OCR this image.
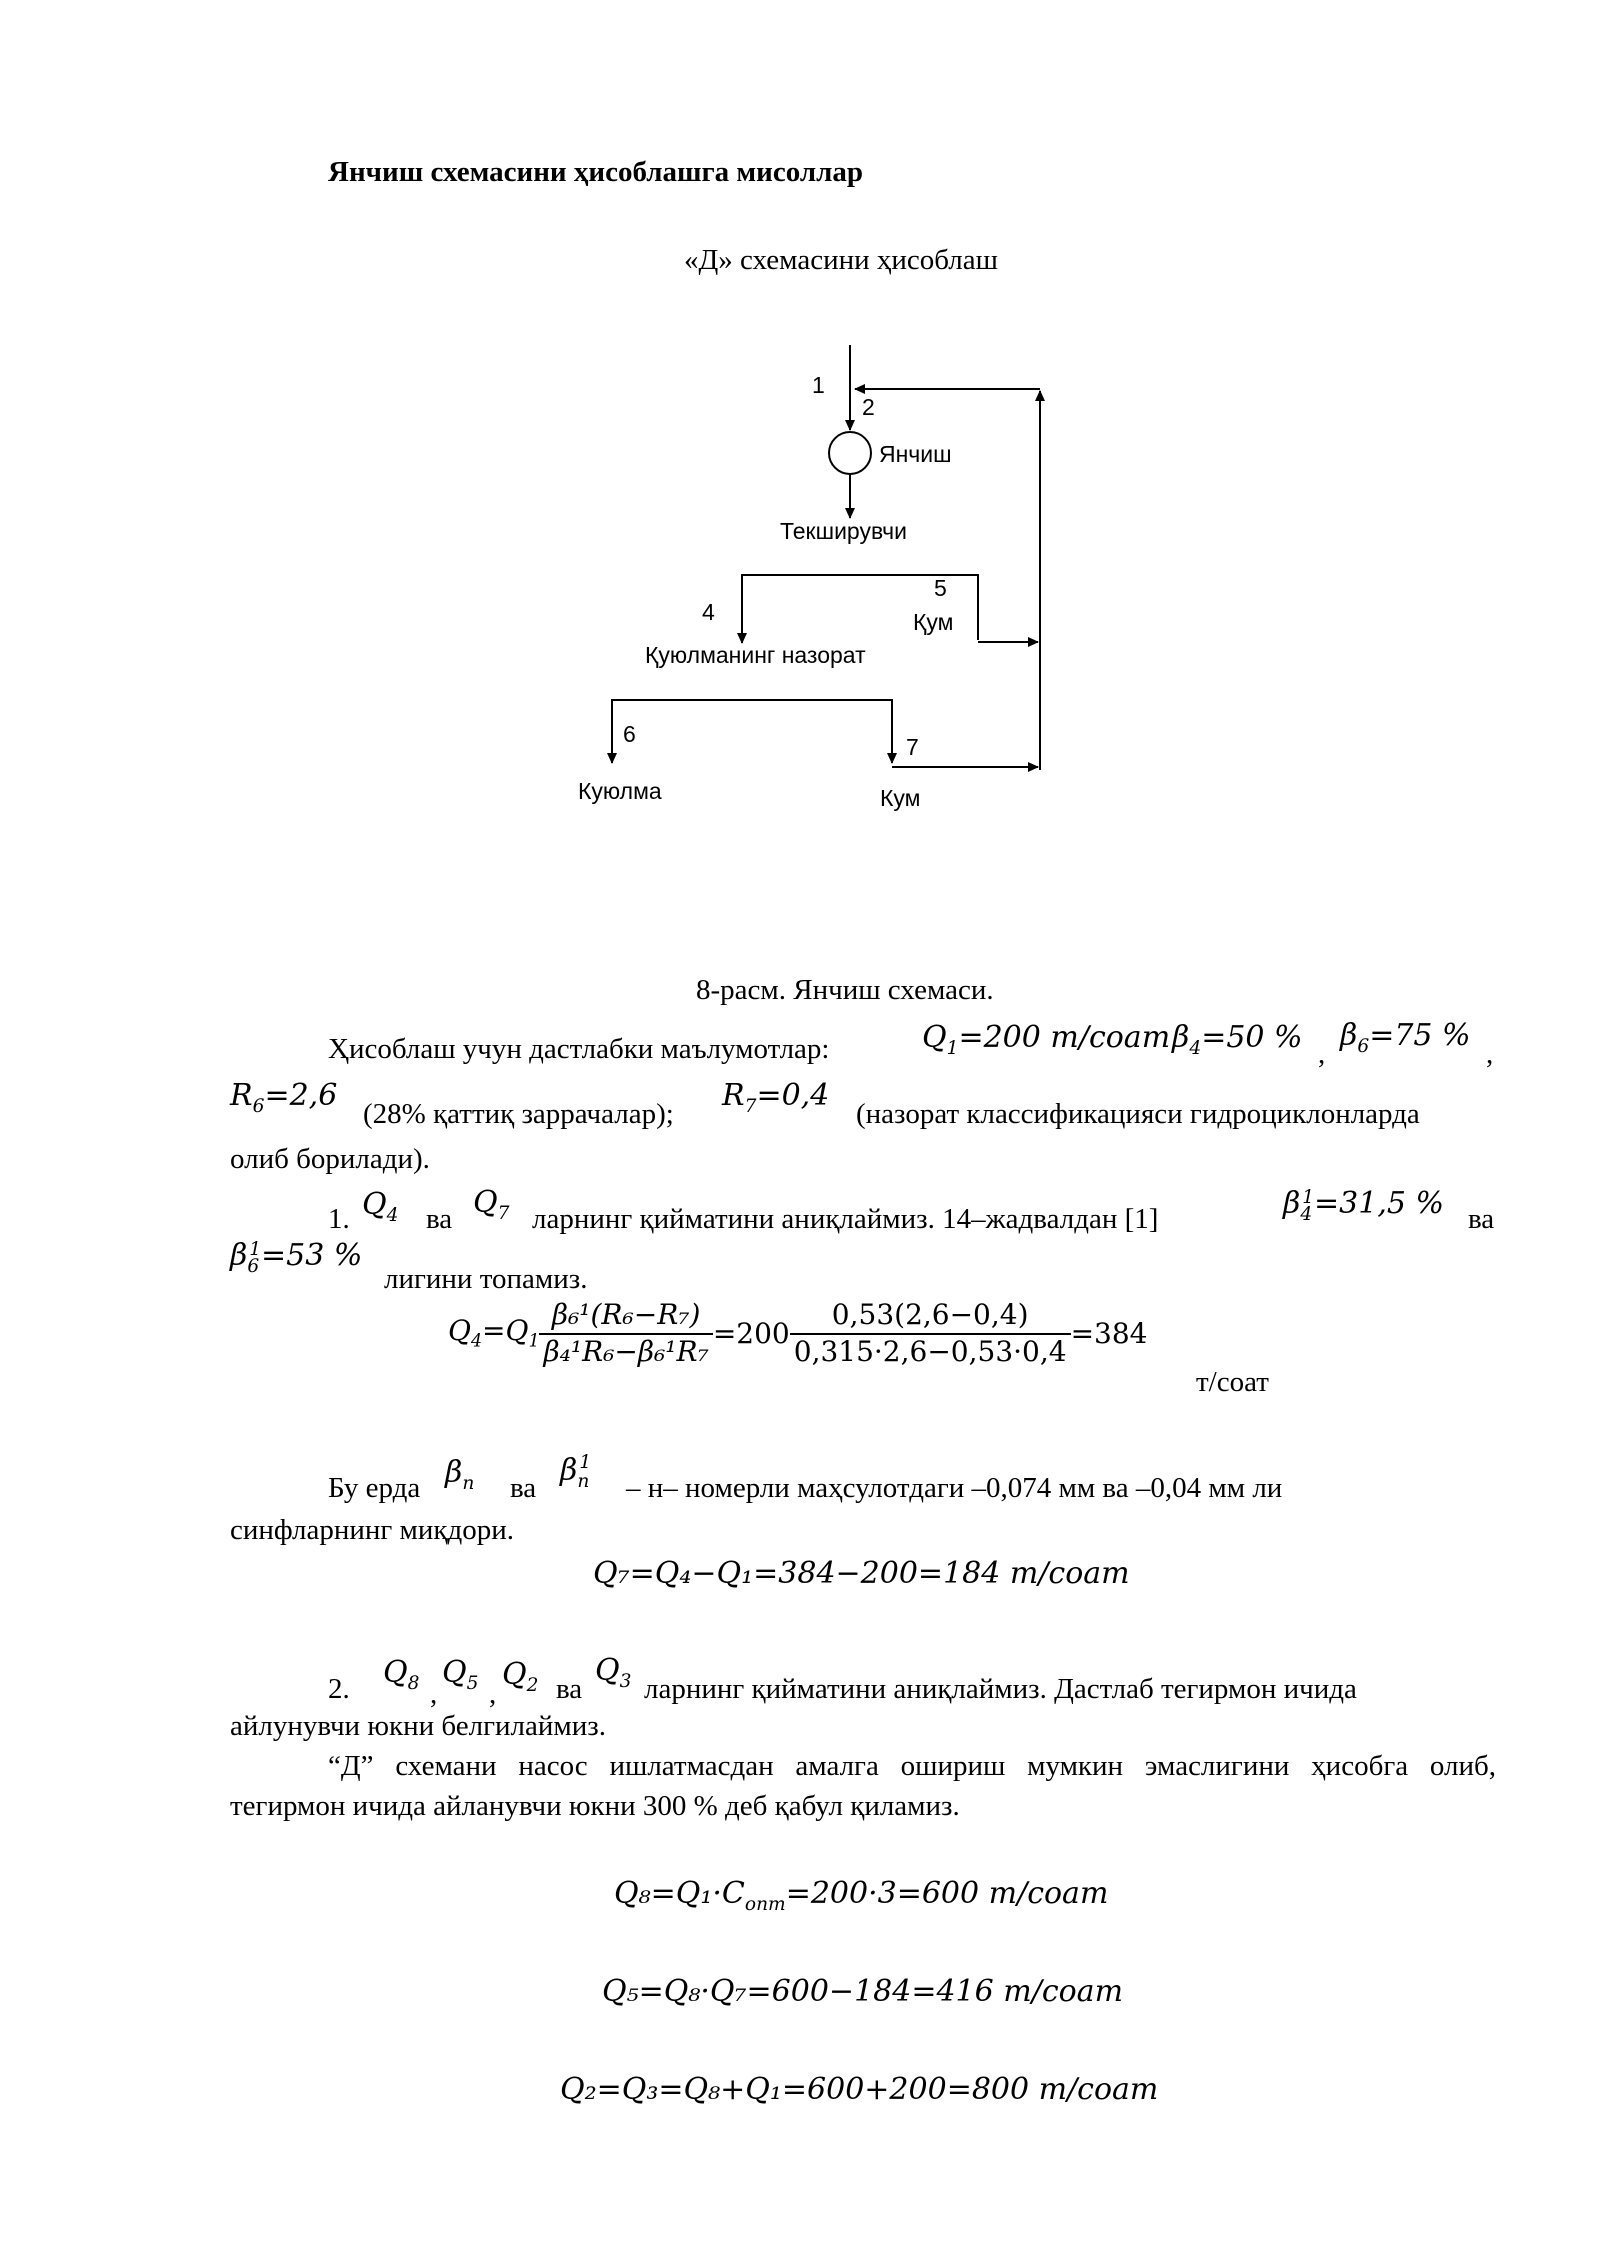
Янчиш схемасини ҳисоблашга мисоллар
«Д» схемасини ҳисоблаш
1
2
Янчиш
Текширувчи
4
5
Қум
Қуюлманинг назорат
6	7
Куюлма	Кум
8-расм. Янчиш схемаси.
Ҳисоблаш учун дастлабки маълумотлар:	$Q_1=200$ т/соат $\beta_4=50$ % ,
$\beta_6=75$ %
,
$R_6=2,6$
(28% қаттиқ заррачалар);
$R_7=0,4$
(назорат классификацияси гидроциклонларда
олиб борилади).
1. $Q_4$ ва $Q_7$ ларнинг қийматини аниқлаймиз. 14–жадвалдан [1]	$\beta_4^1=31,5$ % ва
$\beta_6^1=53$ %
лигини топамиз.
$Q_4=Q_1 \frac{\text{β₆¹(R₆−R₇)}}{\text{β₄¹R₆−β₆¹R₇}} =200 \frac{0,53(2,6-0,4)}{0,315\cdot 2,6-0,53\cdot 0,4} =384$
т/соат
Бу ерда $\beta_n$ ва $\beta_n^1$
– н– номерли маҳсулотдаги –0,074 мм ва –0,04 мм ли
синфларнинг миқдори.
Q₇=Q₄−Q₁=384−200=184 т/соат
2. $Q_8$ ,
$Q_5$ ,
$Q_2$ ва
$Q_3$ ларнинг қийматини аниқлаймиз. Дастлаб тегирмон ичида
айлунувчи юкни белгилаймиз.
“Д” схемани насос ишлатмасдан амалга ошириш мумкин эмаслигини ҳисобга олиб,
тегирмон ичида айланувчи юкни 300 % деб қабул қиламиз.
$Q_8=Q_1\cdot C_{опт}=200\cdot 3=600$ т/соат
Q₅=Q₈·Q₇=600−184=416 т/соат
Q₂=Q₃=Q₈+Q₁=600+200=800 т/соат
